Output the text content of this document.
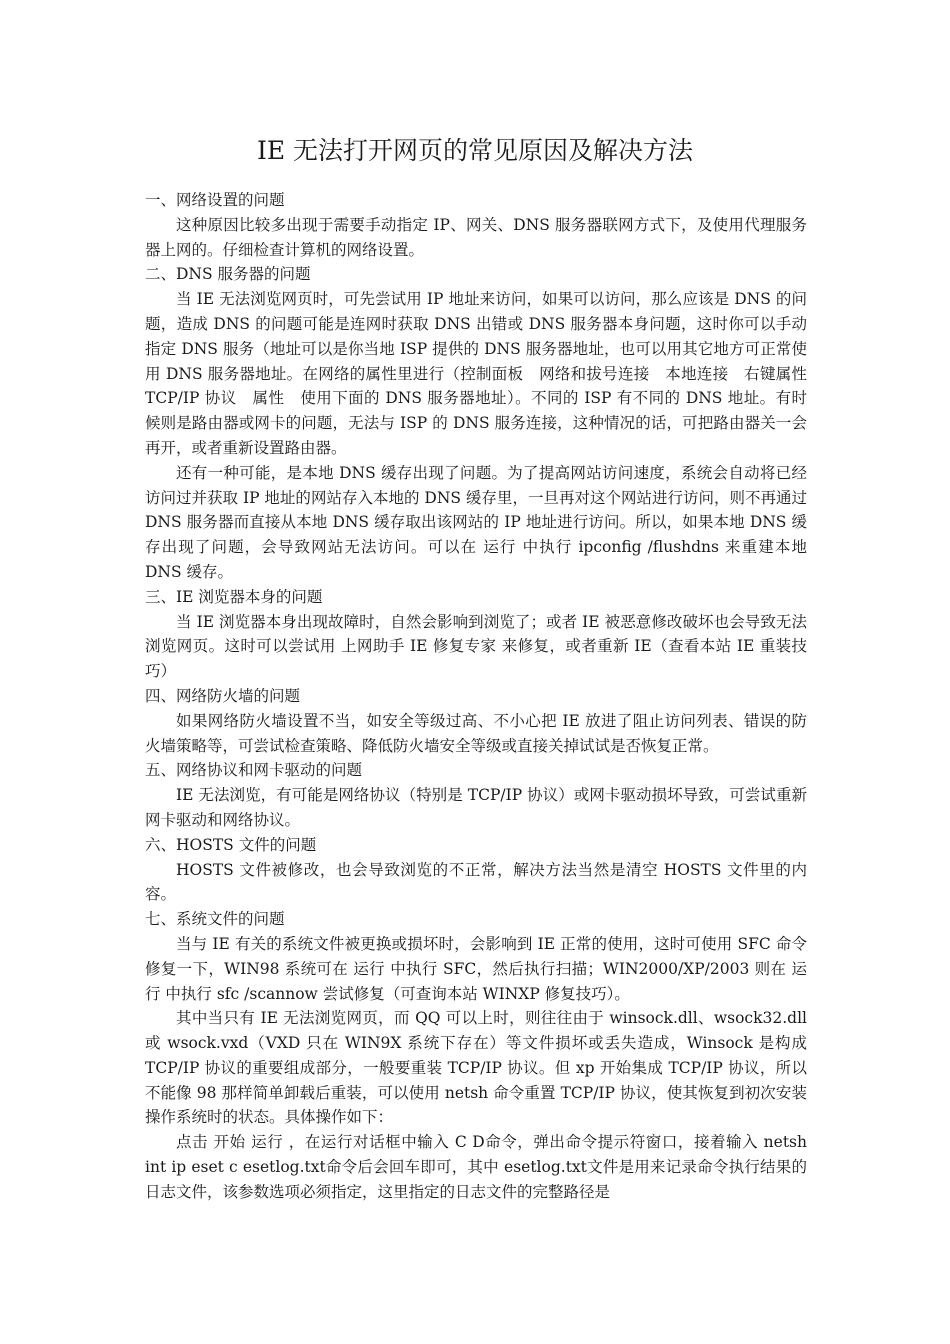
IE 无法打开网页的常见原因及解决方法
一、网络设置的问题

这种原因比较多出现于需要手动指定 IP、网关、DNS 服务器联网方式下，及使用代理服务器上网的。仔细检查计算机的网络设置。

二、DNS 服务器的问题

当 IE 无法浏览网页时，可先尝试用 IP 地址来访问，如果可以访问，那么应该是 DNS 的问题，造成 DNS 的问题可能是连网时获取 DNS 出错或 DNS 服务器本身问题，这时你可以手动指定 DNS 服务（地址可以是你当地 ISP 提供的 DNS 服务器地址，也可以用其它地方可正常使用 DNS 服务器地址。在网络的属性里进行（控制面板　网络和拔号连接　本地连接　右键属性　TCP/IP 协议　属性　使用下面的 DNS 服务器地址）。不同的 ISP 有不同的 DNS 地址。有时候则是路由器或网卡的问题，无法与 ISP 的 DNS 服务连接，这种情况的话，可把路由器关一会再开，或者重新设置路由器。

还有一种可能，是本地 DNS 缓存出现了问题。为了提高网站访问速度，系统会自动将已经访问过并获取 IP 地址的网站存入本地的 DNS 缓存里，一旦再对这个网站进行访问，则不再通过 DNS 服务器而直接从本地 DNS 缓存取出该网站的 IP 地址进行访问。所以，如果本地 DNS 缓存出现了问题，会导致网站无法访问。可以在 运行 中执行 ipconfig /flushdns 来重建本地 DNS 缓存。

三、IE 浏览器本身的问题

当 IE 浏览器本身出现故障时，自然会影响到浏览了；或者 IE 被恶意修改破坏也会导致无法浏览网页。这时可以尝试用 上网助手 IE 修复专家 来修复，或者重新 IE（查看本站 IE 重装技巧）

四、网络防火墙的问题

如果网络防火墙设置不当，如安全等级过高、不小心把 IE 放进了阻止访问列表、错误的防火墙策略等，可尝试检查策略、降低防火墙安全等级或直接关掉试试是否恢复正常。

五、网络协议和网卡驱动的问题

IE 无法浏览，有可能是网络协议（特别是 TCP/IP 协议）或网卡驱动损坏导致，可尝试重新网卡驱动和网络协议。

六、HOSTS 文件的问题

HOSTS 文件被修改，也会导致浏览的不正常，解决方法当然是清空 HOSTS 文件里的内容。

七、系统文件的问题

当与 IE 有关的系统文件被更换或损坏时，会影响到 IE 正常的使用，这时可使用 SFC 命令修复一下，WIN98 系统可在 运行 中执行 SFC，然后执行扫描；WIN2000/XP/2003 则在 运行 中执行 sfc /scannow 尝试修复（可查询本站 WINXP 修复技巧）。

其中当只有 IE 无法浏览网页，而 QQ 可以上时，则往往由于 winsock.dll、wsock32.dll 或 wsock.vxd（VXD 只在 WIN9X 系统下存在）等文件损坏或丢失造成，Winsock 是构成 TCP/IP 协议的重要组成部分，一般要重装 TCP/IP 协议。但 xp 开始集成 TCP/IP 协议，所以不能像 98 那样简单卸载后重装，可以使用 netsh 命令重置 TCP/IP 协议，使其恢复到初次安装操作系统时的状态。具体操作如下：

点击 开始 运行 ，在运行对话框中输入 C D命令，弹出命令提示符窗口，接着输入 netsh int ip eset c esetlog.txt命令后会回车即可，其中 esetlog.txt文件是用来记录命令执行结果的日志文件，该参数选项必须指定，这里指定的日志文件的完整路径是
